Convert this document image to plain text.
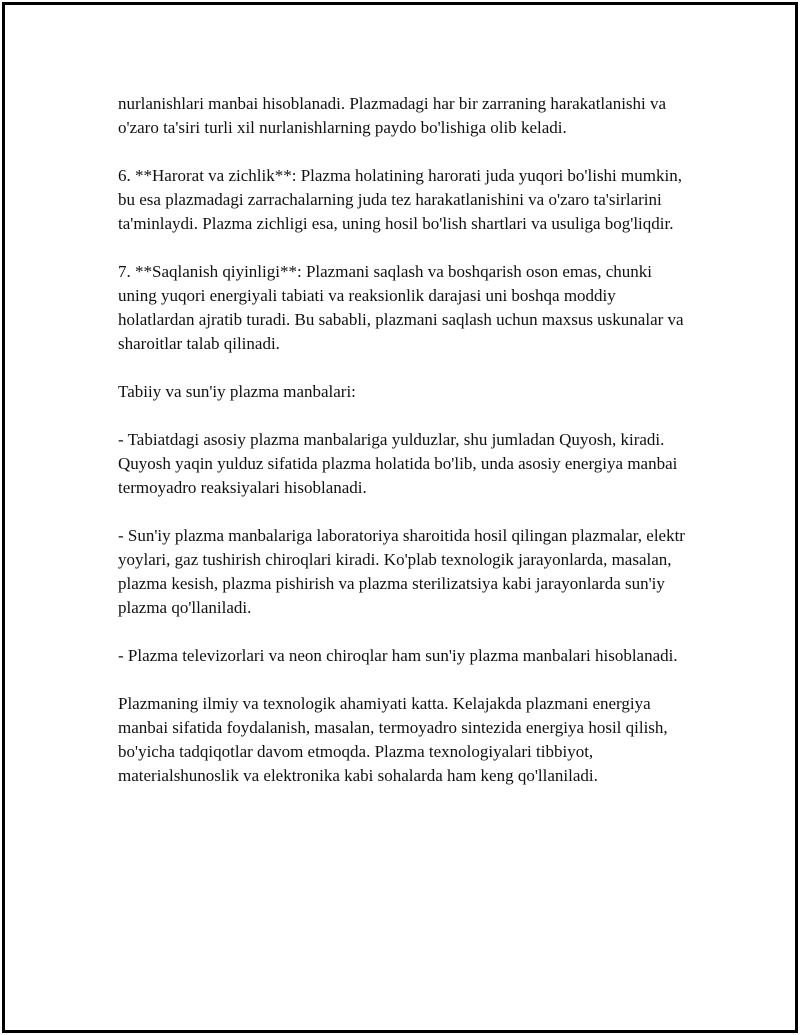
nurlanishlari manbai hisoblanadi. Plazmadagi har bir zarraning harakatlanishi va o'zaro ta'siri turli xil nurlanishlarning paydo bo'lishiga olib keladi.

6. **Harorat va zichlik**: Plazma holatining harorati juda yuqori bo'lishi mumkin, bu esa plazmadagi zarrachalarning juda tez harakatlanishini va o'zaro ta'sirlarini ta'minlaydi. Plazma zichligi esa, uning hosil bo'lish shartlari va usuliga bog'liqdir.

7. **Saqlanish qiyinligi**: Plazmani saqlash va boshqarish oson emas, chunki uning yuqori energiyali tabiati va reaksionlik darajasi uni boshqa moddiy holatlardan ajratib turadi. Bu sababli, plazmani saqlash uchun maxsus uskunalar va sharoitlar talab qilinadi.

Tabiiy va sun'iy plazma manbalari:

- Tabiatdagi asosiy plazma manbalariga yulduzlar, shu jumladan Quyosh, kiradi. Quyosh yaqin yulduz sifatida plazma holatida bo'lib, unda asosiy energiya manbai termoyadro reaksiyalari hisoblanadi.

- Sun'iy plazma manbalariga laboratoriya sharoitida hosil qilingan plazmalar, elektr yoylari, gaz tushirish chiroqlari kiradi. Ko'plab texnologik jarayonlarda, masalan, plazma kesish, plazma pishirish va plazma sterilizatsiya kabi jarayonlarda sun'iy plazma qo'llaniladi.

- Plazma televizorlari va neon chiroqlar ham sun'iy plazma manbalari hisoblanadi.

Plazmaning ilmiy va texnologik ahamiyati katta. Kelajakda plazmani energiya manbai sifatida foydalanish, masalan, termoyadro sintezida energiya hosil qilish, bo'yicha tadqiqotlar davom etmoqda. Plazma texnologiyalari tibbiyot, materialshunoslik va elektronika kabi sohalarda ham keng qo'llaniladi.
